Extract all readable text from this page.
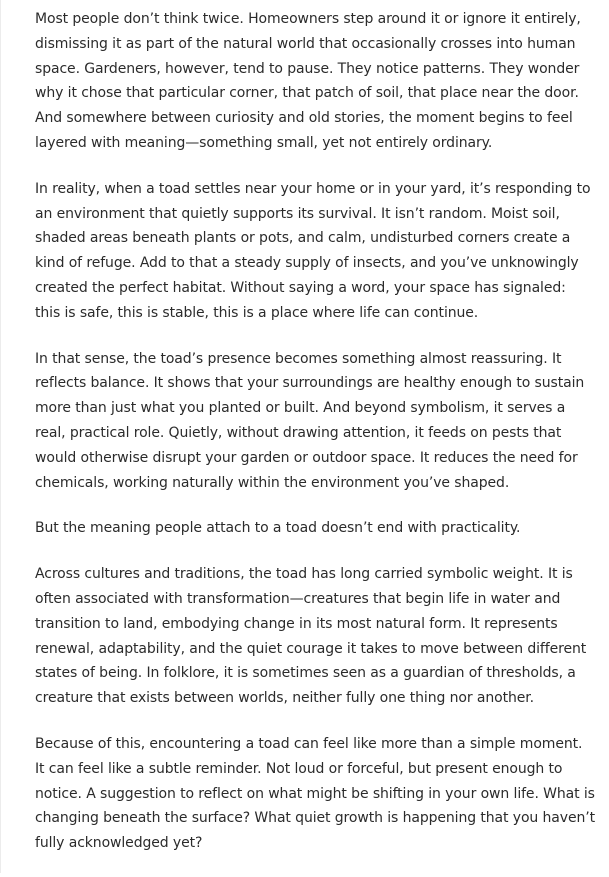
Most people don’t think twice. Homeowners step around it or ignore it entirely, dismissing it as part of the natural world that occasionally crosses into human space. Gardeners, however, tend to pause. They notice patterns. They wonder why it chose that particular corner, that patch of soil, that place near the door. And somewhere between curiosity and old stories, the moment begins to feel layered with meaning—something small, yet not entirely ordinary.

In reality, when a toad settles near your home or in your yard, it’s responding to an environment that quietly supports its survival. It isn’t random. Moist soil, shaded areas beneath plants or pots, and calm, undisturbed corners create a kind of refuge. Add to that a steady supply of insects, and you’ve unknowingly created the perfect habitat. Without saying a word, your space has signaled: this is safe, this is stable, this is a place where life can continue.

In that sense, the toad’s presence becomes something almost reassuring. It reflects balance. It shows that your surroundings are healthy enough to sustain more than just what you planted or built. And beyond symbolism, it serves a real, practical role. Quietly, without drawing attention, it feeds on pests that would otherwise disrupt your garden or outdoor space. It reduces the need for chemicals, working naturally within the environment you’ve shaped.

But the meaning people attach to a toad doesn’t end with practicality.

Across cultures and traditions, the toad has long carried symbolic weight. It is often associated with transformation—creatures that begin life in water and transition to land, embodying change in its most natural form. It represents renewal, adaptability, and the quiet courage it takes to move between different states of being. In folklore, it is sometimes seen as a guardian of thresholds, a creature that exists between worlds, neither fully one thing nor another.

Because of this, encountering a toad can feel like more than a simple moment. It can feel like a subtle reminder. Not loud or forceful, but present enough to notice. A suggestion to reflect on what might be shifting in your own life. What is changing beneath the surface? What quiet growth is happening that you haven’t fully acknowledged yet?
